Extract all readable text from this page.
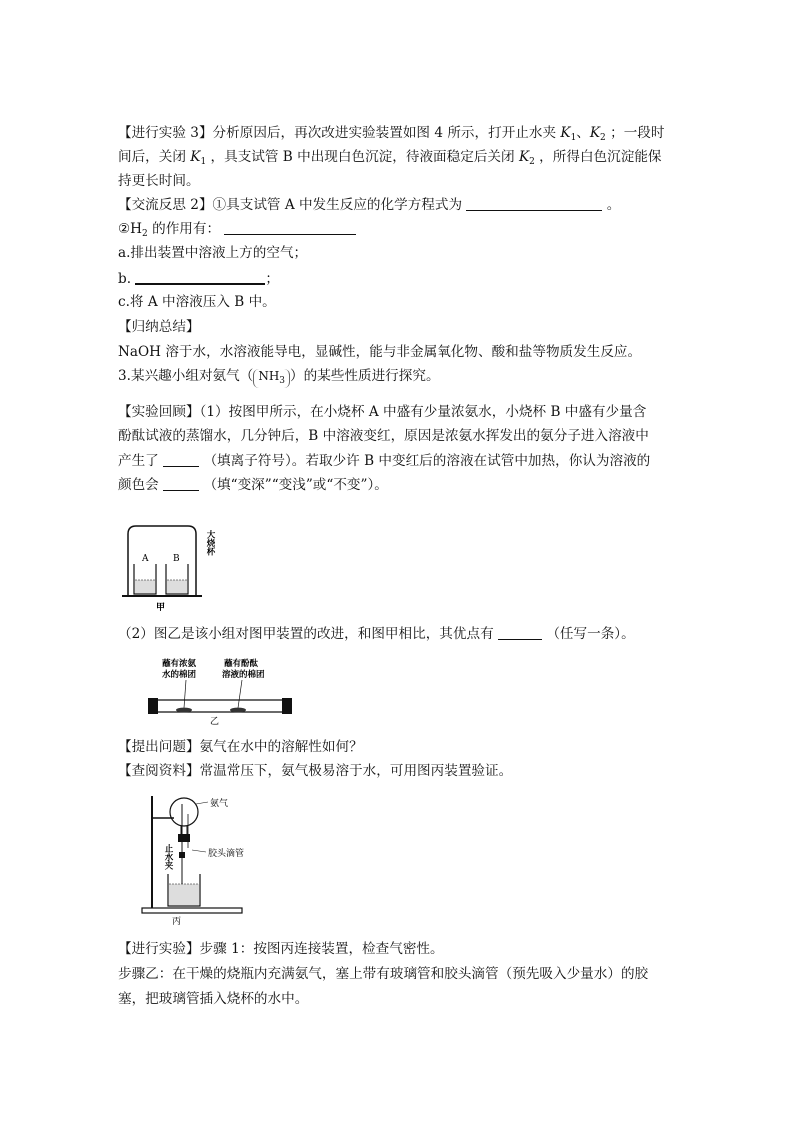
【进行实验 3】分析原因后，再次改进实验装置如图 4 所示，打开止水夹 $K_1$、$K_2$ ；一段时
间后，关闭 $K_1$ ，具支试管 B 中出现白色沉淀，待液面稳定后关闭 $K_2$ ，所得白色沉淀能保
持更长时间。
【交流反思 2】①具支试管 A 中发生反应的化学方程式为	。
$②H_2$ 的作用有：
a.排出装置中溶液上方的空气；
b.	；
c.将 A 中溶液压入 B 中。
【归纳总结】
NaOH 溶于水，水溶液能导电，显碱性，能与非金属氧化物、酸和盐等物质发生反应。
3.某兴趣小组对氨气（ $NH_3$ ）的某些性质进行探究。
【实验回顾】（1）按图甲所示，在小烧杯 A 中盛有少量浓氨水，小烧杯 B 中盛有少量含
酚酞试液的蒸馏水，几分钟后，B 中溶液变红，原因是浓氨水挥发出的氨分子进入溶液中
产生了	（填离子符号）。若取少许 B 中变红后的溶液在试管中加热，你认为溶液的
颜色会	（填“变深”“变浅”或“不变”）。
A	B
大烧杯
甲
（2）图乙是该小组对图甲装置的改进，和图甲相比，其优点有	（任写一条）。
蘸有浓氨
水的棉团
蘸有酚酞
溶液的棉团
乙
【提出问题】氨气在水中的溶解性如何？
【查阅资料】常温常压下，氨气极易溶于水，可用图丙装置验证。
氨气
胶头滴管
止水夹
丙
【进行实验】步骤 1：按图丙连接装置，检查气密性。
步骤乙：在干燥的烧瓶内充满氨气，塞上带有玻璃管和胶头滴管（预先吸入少量水）的胶
塞，把玻璃管插入烧杯的水中。
